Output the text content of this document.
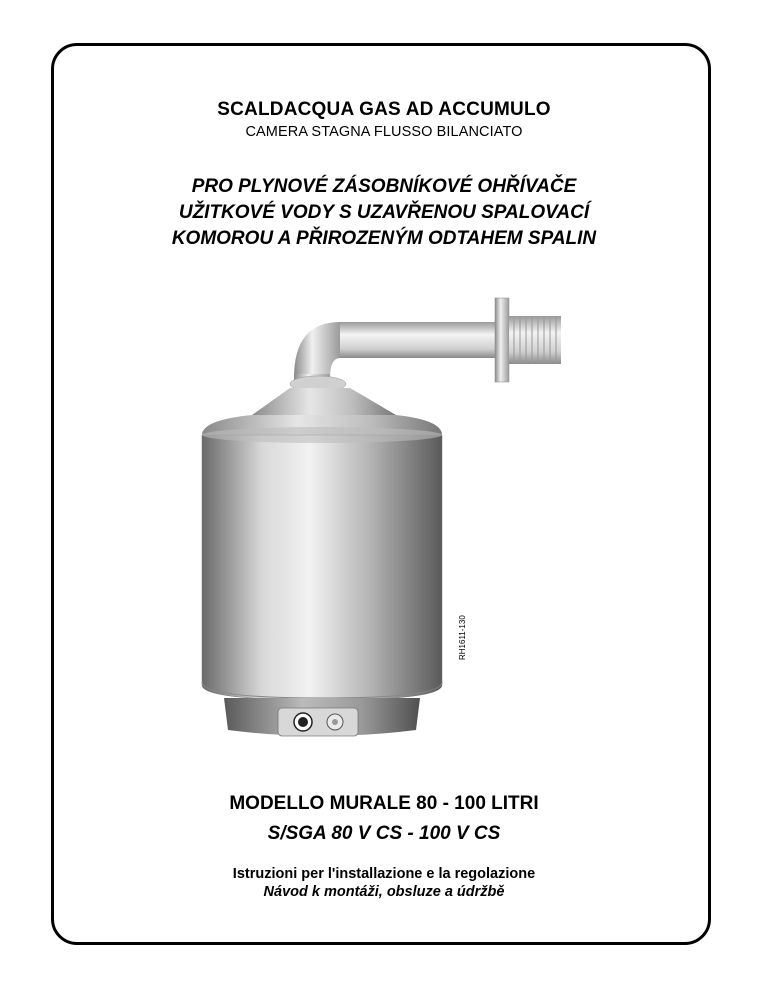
SCALDACQUA GAS AD ACCUMULO
CAMERA STAGNA FLUSSO BILANCIATO
PRO PLYNOVÉ ZÁSOBNÍKOVÉ OHŘÍVAČE
UŽITKOVÉ VODY S UZAVŘENOU SPALOVACÍ
KOMOROU A PŘIROZENÝM ODTAHEM SPALIN
RH1611-130
MODELLO MURALE 80 - 100 LITRI
S/SGA 80 V CS - 100 V CS
Istruzioni per l'installazione e la regolazione
Návod k montáži, obsluze a údržbě
